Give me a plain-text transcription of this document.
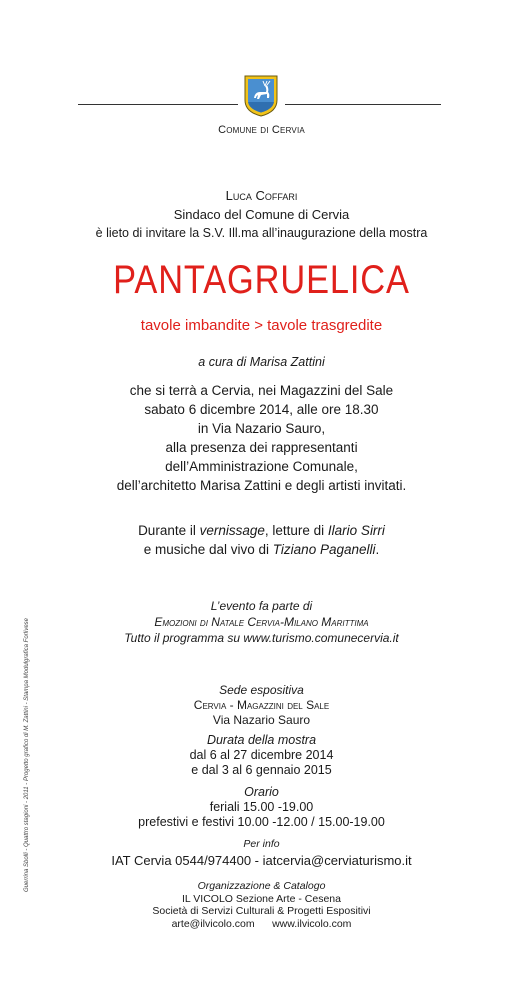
Comune di Cervia
Luca Coffari
Sindaco del Comune di Cervia
è lieto di invitare la S.V. Ill.ma all’inaugurazione della mostra
PANTAGRUELICA
tavole imbandite > tavole trasgredite
a cura di Marisa Zattini
che si terrà a Cervia, nei Magazzini del Sale
sabato 6 dicembre 2014, alle ore 18.30
in Via Nazario Sauro,
alla presenza dei rappresentanti
dell’Amministrazione Comunale,
dell’architetto Marisa Zattini e degli artisti invitati.
Durante il vernissage, letture di Ilario Sirri
e musiche dal vivo di Tiziano Paganelli.
L’evento fa parte di
Emozioni di Natale Cervia-Milano Marittima
Tutto il programma su www.turismo.comunecervia.it
Sede espositiva
Cervia - Magazzini del Sale
Via Nazario Sauro
Durata della mostra
dal 6 al 27 dicembre 2014
e dal 3 al 6 gennaio 2015
Orario
feriali 15.00 -19.00
prefestivi e festivi 10.00 -12.00 / 15.00-19.00
Per info
IAT Cervia 0544/974400 - iatcervia@cerviaturismo.it
Organizzazione & Catalogo
IL VICOLO Sezione Arte - Cesena
Società di Servizi Culturali & Progetti Espositivi
arte@ilvicolo.com      www.ilvicolo.com
Guerrina Sbolli - Quattro stagioni - 2011 - Progetto grafico di M. Zattini - Stampa Modulgrafica Forlivese
